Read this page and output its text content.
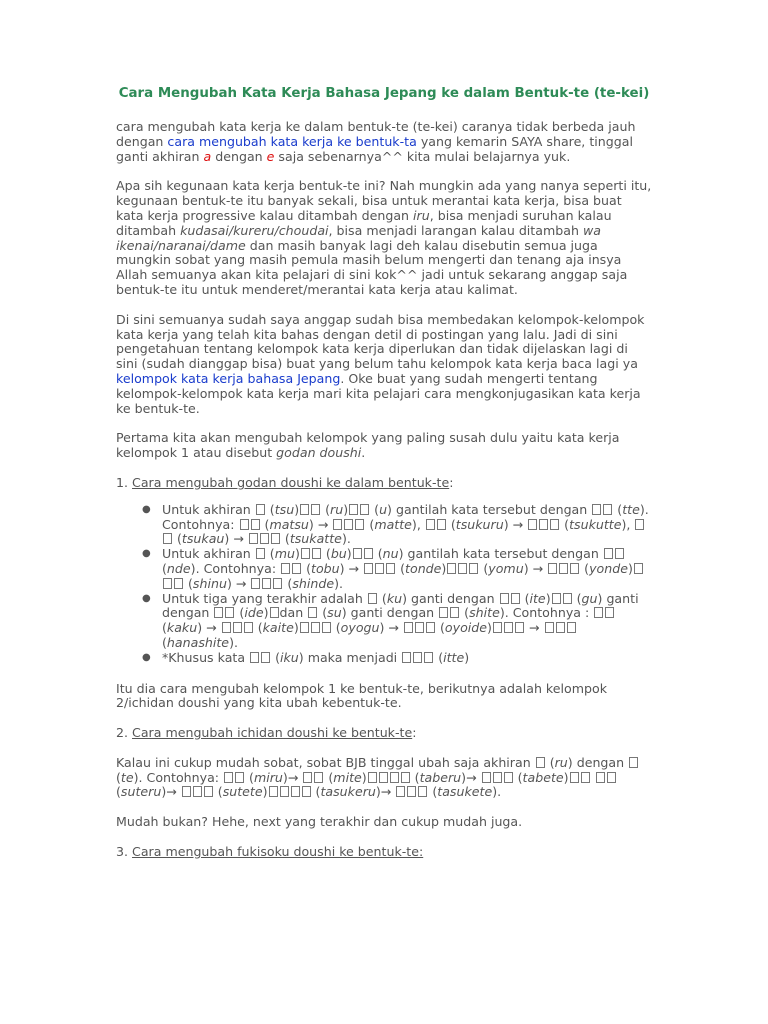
Cara Mengubah Kata Kerja Bahasa Jepang ke dalam Bentuk-te (te-kei)

cara mengubah kata kerja ke dalam bentuk-te (te-kei) caranya tidak berbeda jauh dengan cara mengubah kata kerja ke bentuk-ta yang kemarin SAYA share, tinggal ganti akhiran a dengan e saja sebenarnya^^ kita mulai belajarnya yuk.

Apa sih kegunaan kata kerja bentuk-te ini? Nah mungkin ada yang nanya seperti itu, kegunaan bentuk-te itu banyak sekali, bisa untuk merantai kata kerja, bisa buat kata kerja progressive kalau ditambah dengan iru, bisa menjadi suruhan kalau ditambah kudasai/kureru/choudai, bisa menjadi larangan kalau ditambah wa ikenai/naranai/dame dan masih banyak lagi deh kalau disebutin semua juga mungkin sobat yang masih pemula masih belum mengerti dan tenang aja insya Allah semuanya akan kita pelajari di sini kok^^ jadi untuk sekarang anggap saja bentuk-te itu untuk menderet/merantai kata kerja atau kalimat.

Di sini semuanya sudah saya anggap sudah bisa membedakan kelompok-kelompok kata kerja yang telah kita bahas dengan detil di postingan yang lalu. Jadi di sini pengetahuan tentang kelompok kata kerja diperlukan dan tidak dijelaskan lagi di sini (sudah dianggap bisa) buat yang belum tahu kelompok kata kerja baca lagi ya kelompok kata kerja bahasa Jepang. Oke buat yang sudah mengerti tentang kelompok-kelompok kata kerja mari kita pelajari cara mengkonjugasikan kata kerja ke bentuk-te.

Pertama kita akan mengubah kelompok yang paling susah dulu yaitu kata kerja kelompok 1 atau disebut godan doushi.

1. Cara mengubah godan doushi ke dalam bentuk-te:

● Untuk akhiran  (tsu) (ru) (u) gantilah kata tersebut dengan  (tte). Contohnya:  (matsu) →	(matte),  (tsukuru) →	(tsukutte),  (tsukau) →	(tsukatte).
● Untuk akhiran  (mu) (bu) (nu) gantilah kata tersebut dengan  (nde). Contohnya:  (tobu) →	(tonde)	(yomu) →	(yonde)  (shinu) →	(shinde).
● Untuk tiga yang terakhir adalah  (ku) ganti dengan  (ite) (gu) ganti dengan  (ide) dan  (su) ganti dengan  (shite). Contohnya :  (kaku) →	(kaite)	(oyogu) →	(oyoide)	→  (hanashite).
● *Khusus kata  (iku) maka menjadi	(itte)

Itu dia cara mengubah kelompok 1 ke bentuk-te, berikutnya adalah kelompok 2/ichidan doushi yang kita ubah kebentuk-te.

2. Cara mengubah ichidan doushi ke bentuk-te:

Kalau ini cukup mudah sobat, sobat BJB tinggal ubah saja akhiran  (ru) dengan  (te). Contohnya:  (miru)→  (mite)	(taberu)→	(tabete)  (suteru)→	(sutete)	(tasukeru)→	(tasukete).

Mudah bukan? Hehe, next yang terakhir dan cukup mudah juga.

3. Cara mengubah fukisoku doushi ke bentuk-te:
